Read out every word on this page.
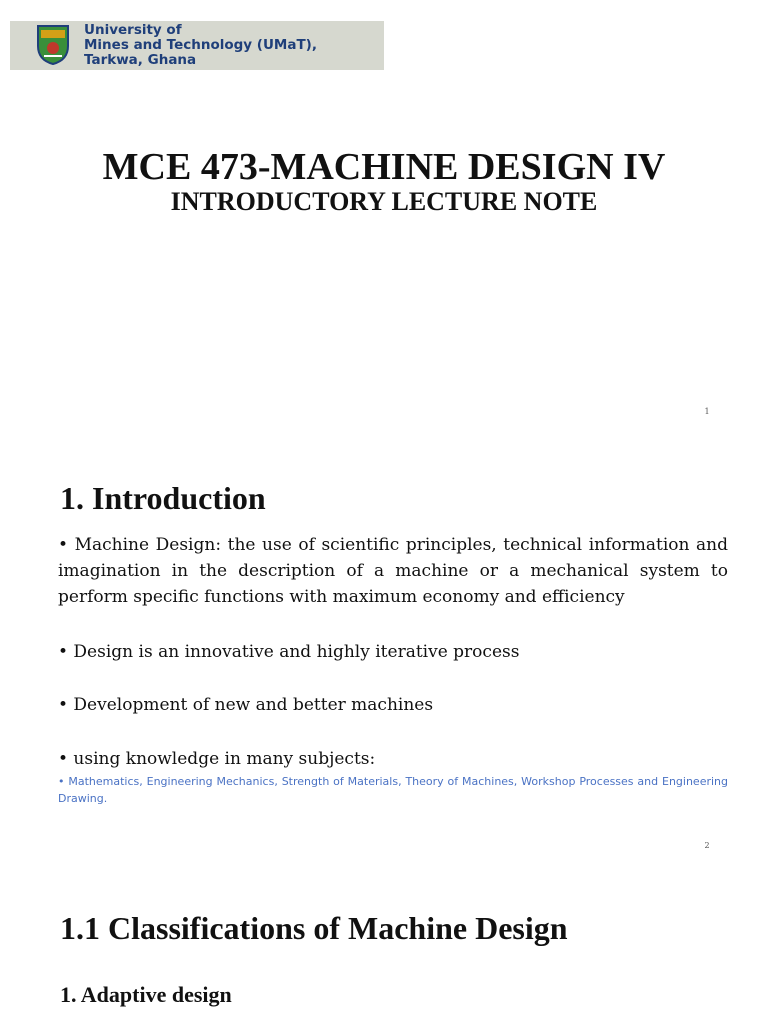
University of
Mines and Technology (UMaT),
Tarkwa, Ghana
MCE 473-MACHINE DESIGN IV
INTRODUCTORY LECTURE NOTE
1
1. Introduction
• Machine Design: the use of scientific principles, technical information and imagination in the description of a machine or a mechanical system to perform specific functions with maximum economy and efficiency
• Design is an innovative and highly iterative process
• Development of new and better machines
• using knowledge in many subjects:
• Mathematics, Engineering Mechanics, Strength of Materials, Theory of Machines, Workshop Processes and Engineering Drawing.
2
1.1 Classifications of Machine Design
1. Adaptive design
